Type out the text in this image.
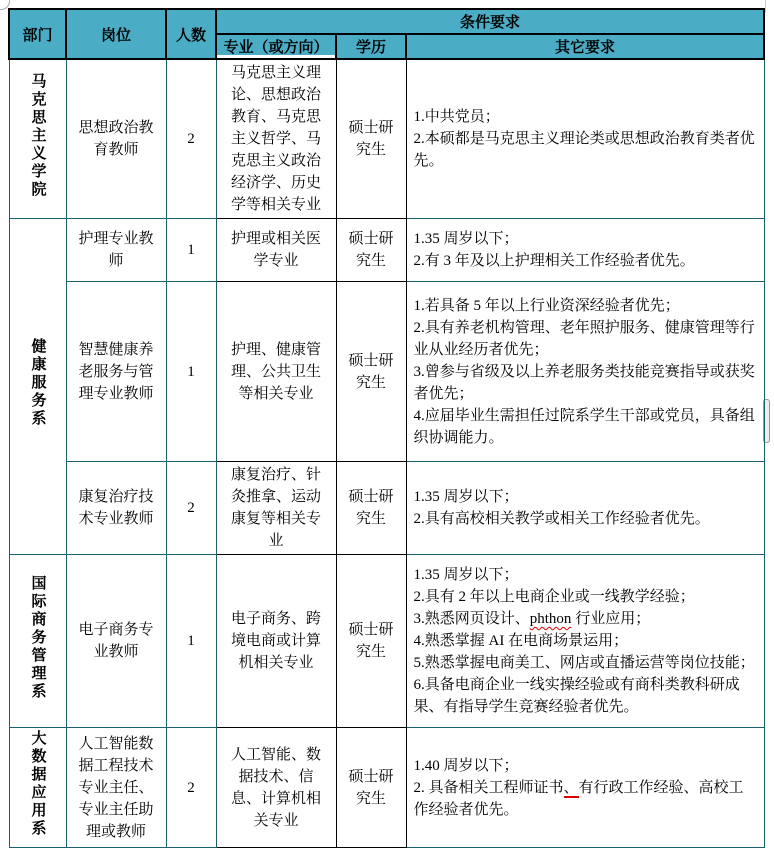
部门	岗位	人数	条件要求		
			专业（或方向）	学历	其它要求
马克思主义学院	思想政治教育教师	2	马克思主义理论、思想政治教育、马克思主义哲学、马克思主义政治经济学、历史学等相关专业	硕士研究生	1.中共党员；
2.本硕都是马克思主义理论类或思想政治教育类者优先。

健康服务系	护理专业教师	1	护理或相关医学专业	硕士研究生	1.35 周岁以下；
2.有 3 年及以上护理相关工作经验者优先。

	智慧健康养老服务与管理专业教师	1	护理、健康管理、公共卫生等相关专业	硕士研究生	1.若具备 5 年以上行业资深经验者优先；
2.具有养老机构管理、老年照护服务、健康管理等行业从业经历者优先；
3.曾参与省级及以上养老服务类技能竞赛指导或获奖者优先；
4.应届毕业生需担任过院系学生干部或党员，具备组织协调能力。

	康复治疗技术专业教师	2	康复治疗、针灸推拿、运动康复等相关专业	硕士研究生	1.35 周岁以下；
2.具有高校相关教学或相关工作经验者优先。

国际商务管理系	电子商务专业教师	1	电子商务、跨境电商或计算机相关专业	硕士研究生	
1.35 周岁以下；
2.具有 2 年以上电商企业或一线教学经验；
3.熟悉网页设计、phthon 行业应用；
4.熟悉掌握 AI 在电商场景运用；
5.熟悉掌握电商美工、网店或直播运营等岗位技能；
6.具备电商企业一线实操经验或有商科类教科研成果、有指导学生竞赛经验者优先。

大数据应用系	人工智能数据工程技术专业主任、专业主任助理或教师	2	人工智能、数据技术、信息、计算机相关专业	硕士研究生	1.40 周岁以下；
2. 具备相关工程师证书、有行政工作经验、高校工作经验者优先。
